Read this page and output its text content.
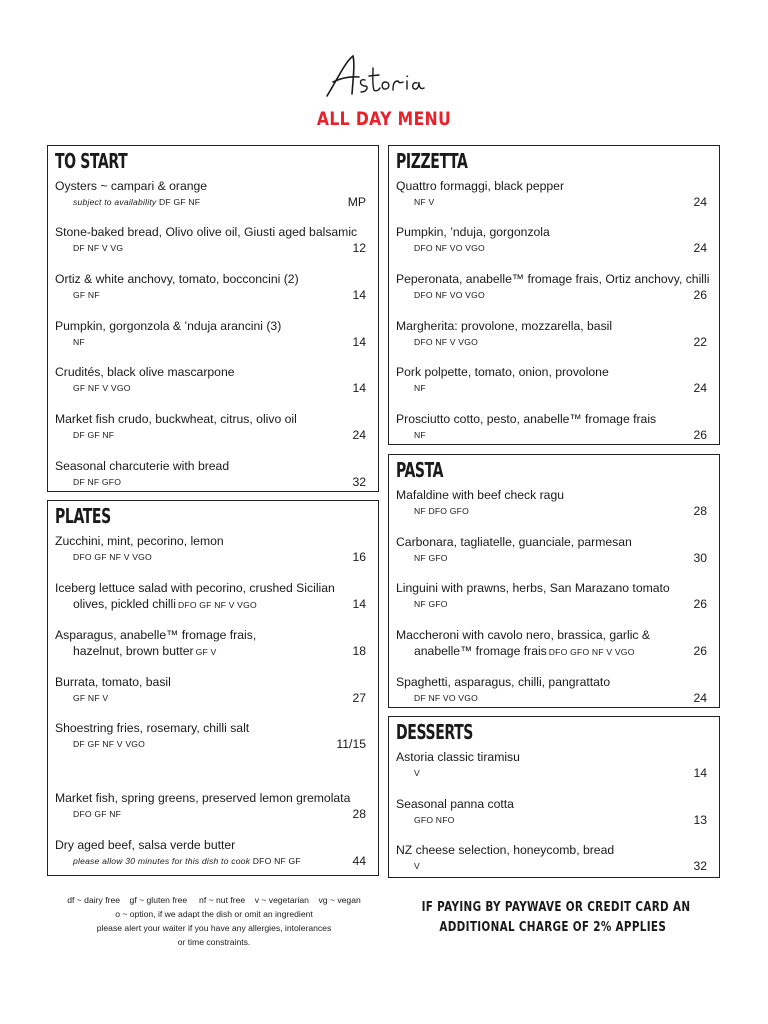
ALL DAY MENU
TO START
Oysters ~ campari & orange
subject to availability DF GF NF	MP
Stone-baked bread, Olivo olive oil, Giusti aged balsamic
DF NF V VG	12
Ortiz & white anchovy, tomato, bocconcini (2)
GF NF	14
Pumpkin, gorgonzola & ’nduja arancini (3)
NF	14
Crudités, black olive mascarpone
GF NF V VGO	14
Market fish crudo, buckwheat, citrus, olivo oil
DF GF NF	24
Seasonal charcuterie with bread
DF NF GFO	32
PLATES
Zucchini, mint, pecorino, lemon
DFO GF NF V VGO	16
Iceberg lettuce salad with pecorino, crushed Sicilian
olives, pickled chilli DFO GF NF V VGO	14
Asparagus, anabelle™ fromage frais,
hazelnut, brown butter GF V	18
Burrata, tomato, basil
GF NF V	27
Shoestring fries, rosemary, chilli salt
DF GF NF V VGO	11/15
Market fish, spring greens, preserved lemon gremolata
DFO GF NF	28
Dry aged beef, salsa verde butter
please allow 30 minutes for this dish to cook DFO NF GF	44
PIZZETTA
Quattro formaggi, black pepper
NF V	24
Pumpkin, ’nduja, gorgonzola
DFO NF VO VGO	24
Peperonata, anabelle™ fromage frais, Ortiz anchovy, chilli
DFO NF VO VGO	26
Margherita: provolone, mozzarella, basil
DFO NF V VGO	22
Pork polpette, tomato, onion, provolone
NF	24
Prosciutto cotto, pesto, anabelle™ fromage frais
NF	26
PASTA
Mafaldine with beef check ragu
NF DFO GFO	28
Carbonara, tagliatelle, guanciale, parmesan
NF GFO	30
Linguini with prawns, herbs, San Marazano tomato
NF GFO	26
Maccheroni with cavolo nero, brassica, garlic &
anabelle™ fromage frais DFO GFO NF V VGO	26
Spaghetti, asparagus, chilli, pangrattato
DF NF VO VGO	24
DESSERTS
Astoria classic tiramisu
V	14
Seasonal panna cotta
GFO NFO	13
NZ cheese selection, honeycomb, bread
V	32
df ~ dairy free    gf ~ gluten free     nf ~ nut free    v ~ vegetarian    vg ~ vegan
o ~ option, if we adapt the dish or omit an ingredient
please alert your waiter if you have any allergies, intolerances
or time constraints.
IF PAYING BY PAYWAVE OR CREDIT CARD AN
ADDITIONAL CHARGE OF 2% APPLIES
